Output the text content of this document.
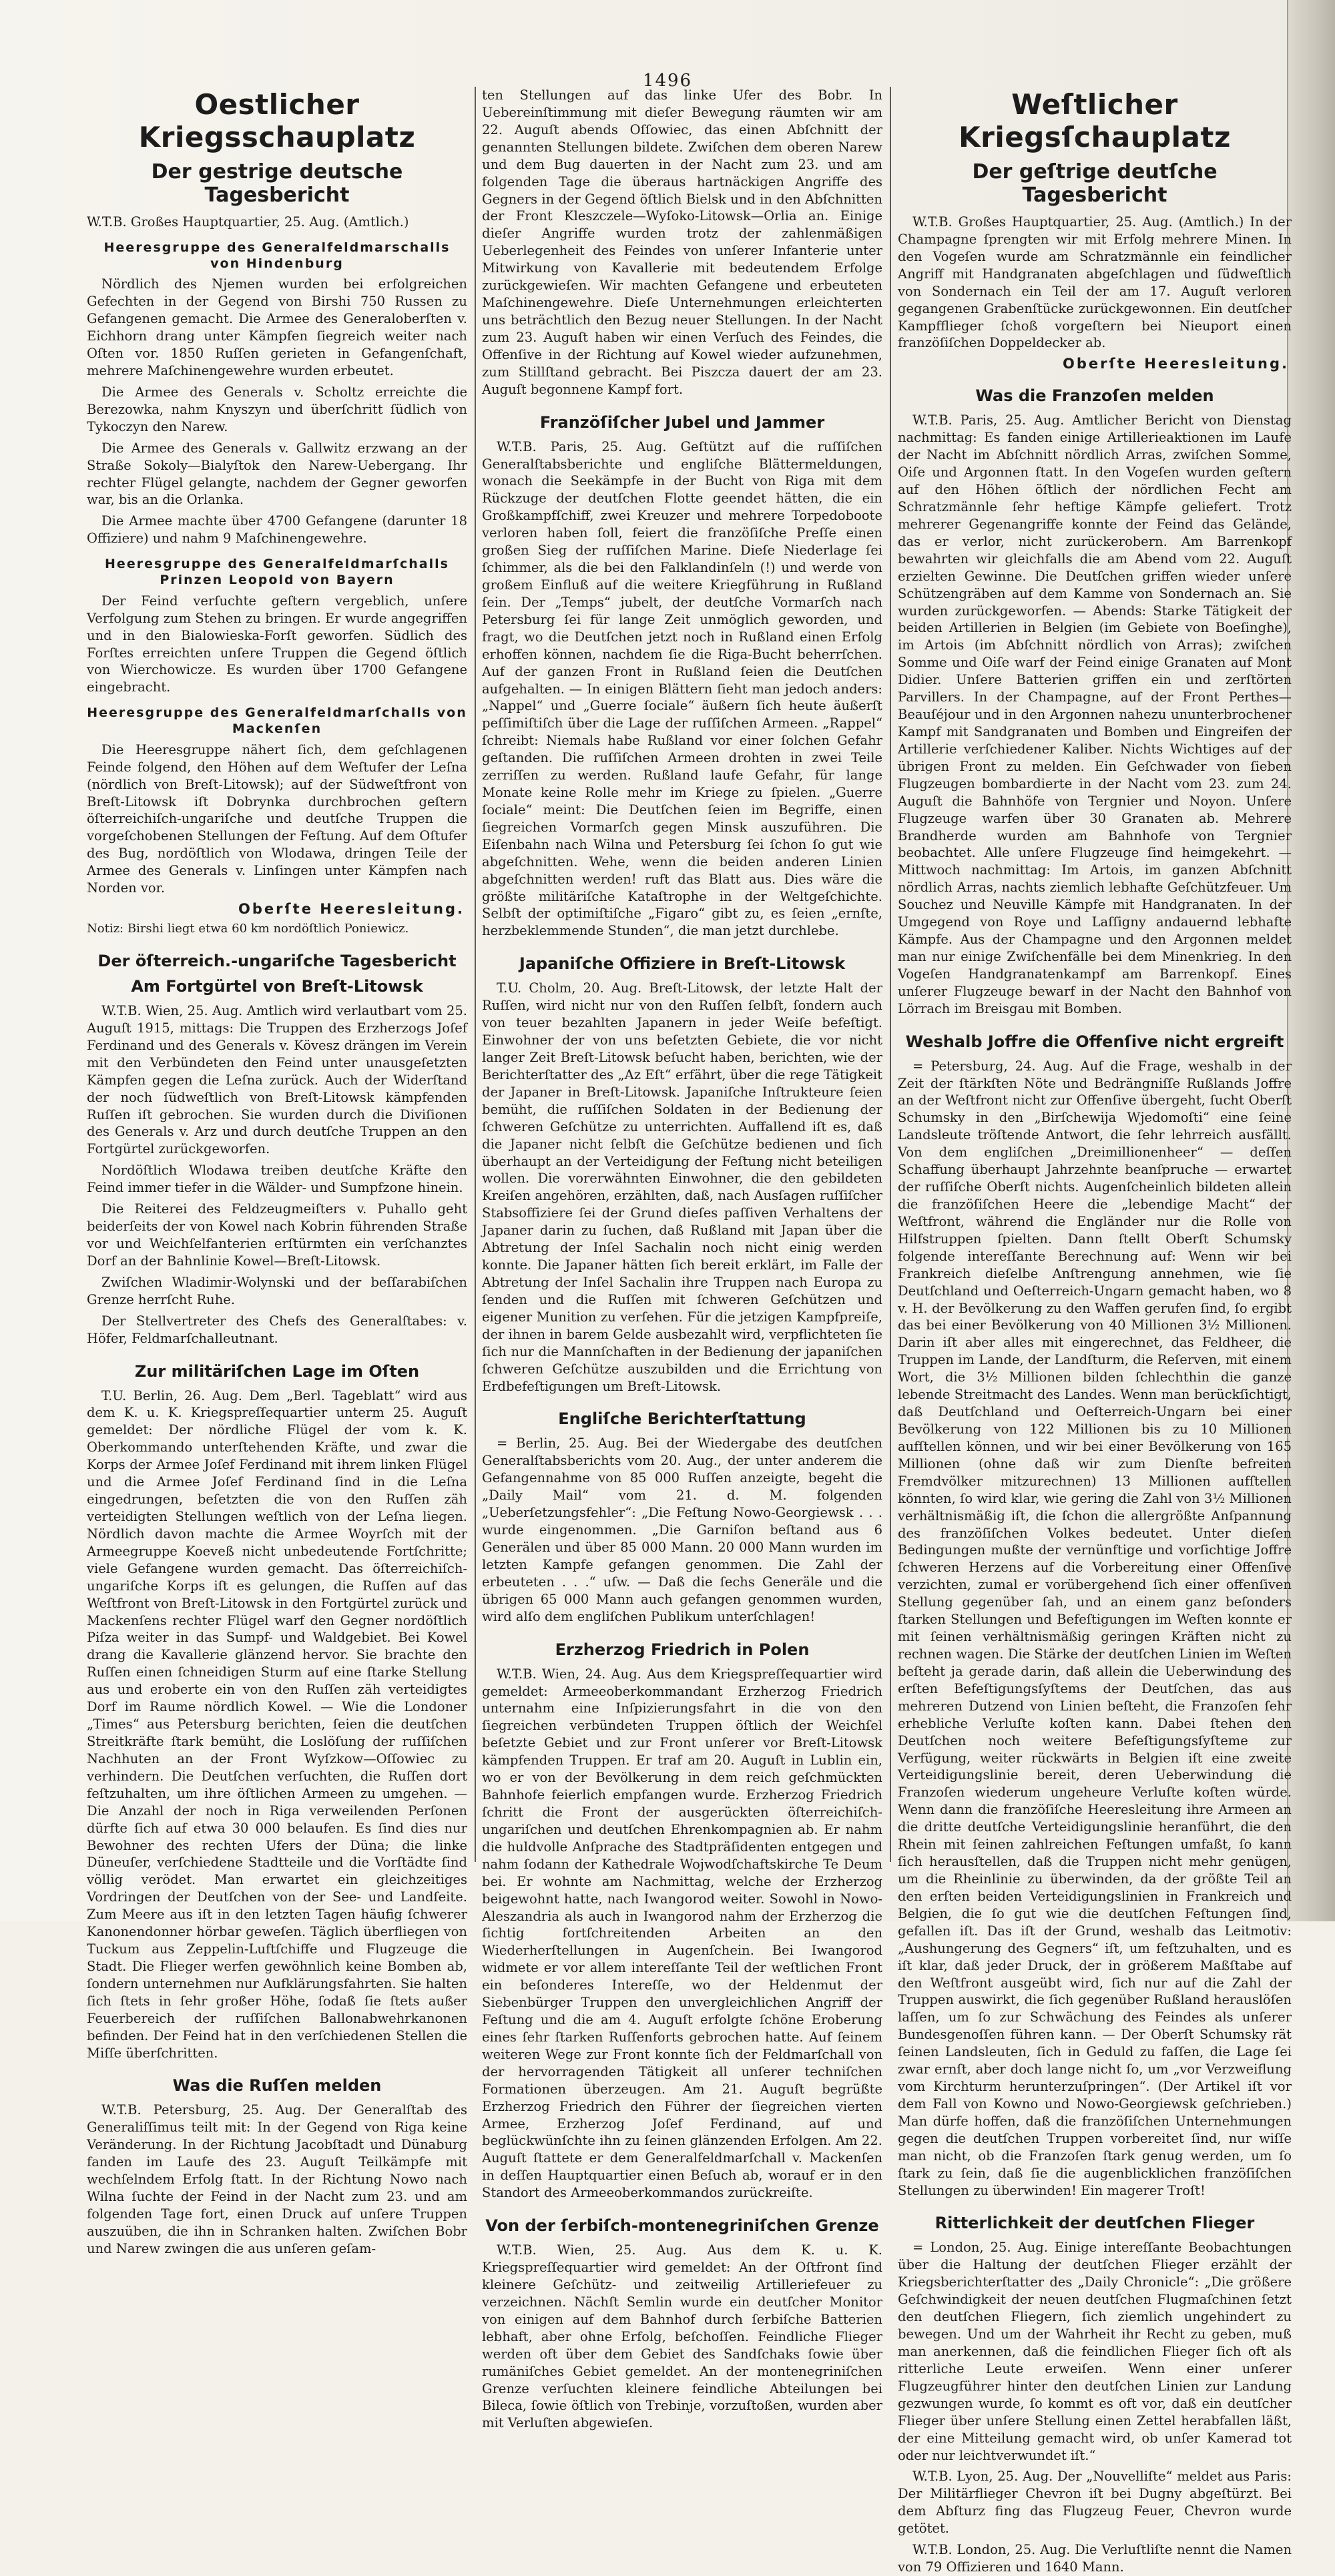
1496
Oestlicher Kriegsschauplatz
Der gestrige deutsche Tagesbericht

W.T.B. Großes Hauptquartier, 25. Aug. (Amtlich.)

Heeresgruppe des Generalfeldmarschalls von Hindenburg

Nördlich des Njemen wurden bei erfolgreichen Gefechten in der Gegend von Birshi 750 Russen zu Gefangenen gemacht. Die Armee des Generaloberſten v. Eichhorn drang unter Kämpfen ſiegreich weiter nach Oſten vor. 1850 Ruſſen gerieten in Gefangenſchaft, mehrere Maſchinengewehre wurden erbeutet.

Die Armee des Generals v. Scholtz erreichte die Berezowka, nahm Knyszyn und überſchritt ſüdlich von Tykoczyn den Narew.

Die Armee des Generals v. Gallwitz erzwang an der Straße Sokoly—Bialyſtok den Narew-Uebergang. Ihr rechter Flügel gelangte, nachdem der Gegner geworfen war, bis an die Orlanka.

Die Armee machte über 4700 Gefangene (darunter 18 Offiziere) und nahm 9 Maſchinengewehre.

Heeresgruppe des Generalfeldmarſchalls Prinzen Leopold von Bayern

Der Feind verſuchte geſtern vergeblich, unſere Verfolgung zum Stehen zu bringen. Er wurde angegriffen und in den Bialowieska-Forſt geworfen. Südlich des Forſtes erreichten unſere Truppen die Gegend öſtlich von Wierchowicze. Es wurden über 1700 Gefangene eingebracht.

Heeresgruppe des Generalfeldmarſchalls von Mackenſen

Die Heeresgruppe nähert ſich, dem geſchlagenen Feinde folgend, den Höhen auf dem Weſtufer der Leſna (nördlich von Breſt-Litowsk); auf der Südweſtfront von Breſt-Litowsk iſt Dobrynka durchbrochen geſtern öſterreichiſch-ungariſche und deutſche Truppen die vorgeſchobenen Stellungen der Feſtung. Auf dem Oſtufer des Bug, nordöſtlich von Wlodawa, dringen Teile der Armee des Generals v. Linſingen unter Kämpfen nach Norden vor.

Oberſte Heeresleitung.

Notiz: Birshi liegt etwa 60 km nordöſtlich Poniewicz.

Der öſterreich.-ungariſche Tagesbericht
Am Fortgürtel von Breſt-Litowsk

W.T.B. Wien, 25. Aug. Amtlich wird verlautbart vom 25. Auguſt 1915, mittags: Die Truppen des Erzherzogs Joſef Ferdinand und des Generals v. Kövesz drängen im Verein mit den Verbündeten den Feind unter unausgeſetzten Kämpfen gegen die Leſna zurück. Auch der Widerſtand der noch ſüdweſtlich von Breſt-Litowsk kämpfenden Ruſſen iſt gebrochen. Sie wurden durch die Diviſionen des Generals v. Arz und durch deutſche Truppen an den Fortgürtel zurückgeworfen.

Nordöſtlich Wlodawa treiben deutſche Kräfte den Feind immer tiefer in die Wälder- und Sumpfzone hinein.

Die Reiterei des Feldzeugmeiſters v. Puhallo geht beiderſeits der von Kowel nach Kobrin führenden Straße vor und Weichſelfanterien erſtürmten ein verſchanztes Dorf an der Bahnlinie Kowel—Breſt-Litowsk.

Zwiſchen Wladimir-Wolynski und der beſſarabiſchen Grenze herrſcht Ruhe.

Der Stellvertreter des Chefs des Generalſtabes: v. Höfer, Feldmarſchalleutnant.

Zur militäriſchen Lage im Oſten

T.U. Berlin, 26. Aug. Dem „Berl. Tageblatt“ wird aus dem K. u. K. Kriegspreſſequartier unterm 25. Auguſt gemeldet: Der nördliche Flügel der vom k. K. Oberkommando unterſtehenden Kräfte, und zwar die Korps der Armee Joſef Ferdinand mit ihrem linken Flügel und die Armee Joſef Ferdinand ſind in die Leſna eingedrungen, beſetzten die von den Ruſſen zäh verteidigten Stellungen weſtlich von der Leſna liegen. Nördlich davon machte die Armee Woyrſch mit der Armeegruppe Koeveß nicht unbedeutende Fortſchritte; viele Gefangene wurden gemacht. Das öſterreichiſch-ungariſche Korps iſt es gelungen, die Ruſſen auf das Weſtfront von Breſt-Litowsk in den Fortgürtel zurück und Mackenſens rechter Flügel warf den Gegner nordöſtlich Piſza weiter in das Sumpf- und Waldgebiet. Bei Kowel drang die Kavallerie glänzend hervor. Sie brachte den Ruſſen einen ſchneidigen Sturm auf eine ſtarke Stellung aus und eroberte ein von den Ruſſen zäh verteidigtes Dorf im Raume nördlich Kowel. — Wie die Londoner „Times“ aus Petersburg berichten, ſeien die deutſchen Streitkräfte ſtark bemüht, die Loslöſung der ruſſiſchen Nachhuten an der Front Wyſzkow—Oſſowiec zu verhindern. Die Deutſchen verſuchten, die Ruſſen dort feſtzuhalten, um ihre öſtlichen Armeen zu umgehen. — Die Anzahl der noch in Riga verweilenden Perſonen dürfte ſich auf etwa 30 000 belaufen. Es ſind dies nur Bewohner des rechten Ufers der Düna; die linke Düneuſer, verſchiedene Stadtteile und die Vorſtädte ſind völlig verödet. Man erwartet ein gleichzeitiges Vordringen der Deutſchen von der See- und Landſeite. Zum Meere aus iſt in den letzten Tagen häufig ſchwerer Kanonendonner hörbar geweſen. Täglich überfliegen von Tuckum aus Zeppelin-Luftſchiffe und Flugzeuge die Stadt. Die Flieger werfen gewöhnlich keine Bomben ab, ſondern unternehmen nur Aufklärungsfahrten. Sie halten ſich ſtets in ſehr großer Höhe, ſodaß ſie ſtets außer Feuerbereich der ruſſiſchen Ballonabwehrkanonen befinden. Der Feind hat in den verſchiedenen Stellen die Miſſe überſchritten.

Was die Ruſſen melden

W.T.B. Petersburg, 25. Aug. Der Generalſtab des Generaliſſimus teilt mit: In der Gegend von Riga keine Veränderung. In der Richtung Jacobſtadt und Dünaburg fanden im Laufe des 23. Auguſt Teilkämpfe mit wechſelndem Erfolg ſtatt. In der Richtung Nowo nach Wilna ſuchte der Feind in der Nacht zum 23. und am folgenden Tage fort, einen Druck auf unſere Truppen auszuüben, die ihn in Schranken halten. Zwiſchen Bobr und Narew zwingen die aus unſeren geſam-

ten Stellungen auf das linke Ufer des Bobr. In Uebereinſtimmung mit dieſer Bewegung räumten wir am 22. Auguſt abends Oſſowiec, das einen Abſchnitt der genannten Stellungen bildete. Zwiſchen dem oberen Narew und dem Bug dauerten in der Nacht zum 23. und am folgenden Tage die überaus hartnäckigen Angriffe des Gegners in der Gegend öſtlich Bielsk und in den Abſchnitten der Front Kleszczele—Wyſoko-Litowsk—Orlia an. Einige dieſer Angriffe wurden trotz der zahlenmäßigen Ueberlegenheit des Feindes von unſerer Infanterie unter Mitwirkung von Kavallerie mit bedeutendem Erfolge zurückgewieſen. Wir machten Gefangene und erbeuteten Maſchinengewehre. Dieſe Unternehmungen erleichterten uns beträchtlich den Bezug neuer Stellungen. In der Nacht zum 23. Auguſt haben wir einen Verſuch des Feindes, die Offenſive in der Richtung auf Kowel wieder aufzunehmen, zum Stillſtand gebracht. Bei Piszcza dauert der am 23. Auguſt begonnene Kampf fort.

Franzöſiſcher Jubel und Jammer

W.T.B. Paris, 25. Aug. Geſtützt auf die ruſſiſchen Generalſtabsberichte und engliſche Blättermeldungen, wonach die Seekämpfe in der Bucht von Riga mit dem Rückzuge der deutſchen Flotte geendet hätten, die ein Großkampfſchiff, zwei Kreuzer und mehrere Torpedoboote verloren haben ſoll, feiert die franzöſiſche Preſſe einen großen Sieg der ruſſiſchen Marine. Dieſe Niederlage ſei ſchimmer, als die bei den Falklandinſeln (!) und werde von großem Einfluß auf die weitere Kriegführung in Rußland ſein. Der „Temps“ jubelt, der deutſche Vormarſch nach Petersburg ſei für lange Zeit unmöglich geworden, und fragt, wo die Deutſchen jetzt noch in Rußland einen Erfolg erhoffen können, nachdem ſie die Riga-Bucht beherrſchen. Auf der ganzen Front in Rußland ſeien die Deutſchen aufgehalten. — In einigen Blättern ſieht man jedoch anders: „Nappel“ und „Guerre ſociale“ äußern ſich heute äußerſt peſſimiſtiſch über die Lage der ruſſiſchen Armeen. „Rappel“ ſchreibt: Niemals habe Rußland vor einer ſolchen Gefahr geſtanden. Die ruſſiſchen Armeen drohten in zwei Teile zerriſſen zu werden. Rußland laufe Gefahr, für lange Monate keine Rolle mehr im Kriege zu ſpielen. „Guerre ſociale“ meint: Die Deutſchen ſeien im Begriffe, einen ſiegreichen Vormarſch gegen Minsk auszuführen. Die Eiſenbahn nach Wilna und Petersburg ſei ſchon ſo gut wie abgeſchnitten. Wehe, wenn die beiden anderen Linien abgeſchnitten werden! ruft das Blatt aus. Dies wäre die größte militäriſche Kataſtrophe in der Weltgeſchichte. Selbſt der optimiſtiſche „Figaro“ gibt zu, es ſeien „ernſte, herzbeklemmende Stunden“, die man jetzt durchlebe.

Japaniſche Offiziere in Breſt-Litowsk

T.U. Cholm, 20. Aug. Breſt-Litowsk, der letzte Halt der Ruſſen, wird nicht nur von den Ruſſen ſelbſt, ſondern auch von teuer bezahlten Japanern in jeder Weiſe befeſtigt. Einwohner der von uns beſetzten Gebiete, die vor nicht langer Zeit Breſt-Litowsk beſucht haben, berichten, wie der Berichterſtatter des „Az Eſt“ erfährt, über die rege Tätigkeit der Japaner in Breſt-Litowsk. Japaniſche Inſtrukteure ſeien bemüht, die ruſſiſchen Soldaten in der Bedienung der ſchweren Geſchütze zu unterrichten. Auffallend iſt es, daß die Japaner nicht ſelbſt die Geſchütze bedienen und ſich überhaupt an der Verteidigung der Feſtung nicht beteiligen wollen. Die vorerwähnten Einwohner, die den gebildeten Kreiſen angehören, erzählten, daß, nach Ausſagen ruſſiſcher Stabsoffiziere ſei der Grund dieſes paſſiven Verhaltens der Japaner darin zu ſuchen, daß Rußland mit Japan über die Abtretung der Inſel Sachalin noch nicht einig werden konnte. Die Japaner hätten ſich bereit erklärt, im Falle der Abtretung der Inſel Sachalin ihre Truppen nach Europa zu ſenden und die Ruſſen mit ſchweren Geſchützen und eigener Munition zu verſehen. Für die jetzigen Kampfpreiſe, der ihnen in barem Gelde ausbezahlt wird, verpflichteten ſie ſich nur die Mannſchaften in der Bedienung der japaniſchen ſchweren Geſchütze auszubilden und die Errichtung von Erdbefeſtigungen um Breſt-Litowsk.

Engliſche Berichterſtattung

= Berlin, 25. Aug. Bei der Wiedergabe des deutſchen Generalſtabsberichts vom 20. Aug., der unter anderem die Gefangennahme von 85 000 Ruſſen anzeigte, begeht die „Daily Mail“ vom 21. d. M. folgenden „Ueberſetzungsfehler“: „Die Feſtung Nowo-Georgiewsk . . . wurde eingenommen. „Die Garniſon beſtand aus 6 Generälen und über 85 000 Mann. 20 000 Mann wurden im letzten Kampfe gefangen genommen. Die Zahl der erbeuteten . . .“ uſw. — Daß die ſechs Generäle und die übrigen 65 000 Mann auch gefangen genommen wurden, wird alſo dem engliſchen Publikum unterſchlagen!

Erzherzog Friedrich in Polen

W.T.B. Wien, 24. Aug. Aus dem Kriegspreſſequartier wird gemeldet: Armeeoberkommandant Erzherzog Friedrich unternahm eine Inſpizierungsfahrt in die von den ſiegreichen verbündeten Truppen öſtlich der Weichſel beſetzte Gebiet und zur Front unſerer vor Breſt-Litowsk kämpfenden Truppen. Er traf am 20. Auguſt in Lublin ein, wo er von der Bevölkerung in dem reich geſchmückten Bahnhofe feierlich empfangen wurde. Erzherzog Friedrich ſchritt die Front der ausgerückten öſterreichiſch-ungariſchen und deutſchen Ehrenkompagnien ab. Er nahm die huldvolle Anſprache des Stadtpräſidenten entgegen und nahm ſodann der Kathedrale Wojwodſchaftskirche Te Deum bei. Er wohnte am Nachmittag, welche der Erzherzog beigewohnt hatte, nach Iwangorod weiter. Sowohl in Nowo-Aleszandria als auch in Iwangorod nahm der Erzherzog die ſichtig fortſchreitenden Arbeiten an den Wiederherſtellungen in Augenſchein. Bei Iwangorod widmete er vor allem intereſſante Teil der weſtlichen Front ein beſonderes Intereſſe, wo der Heldenmut der Siebenbürger Truppen den unvergleichlichen Angriff der Feſtung und die am 4. Auguſt erfolgte ſchöne Eroberung eines ſehr ſtarken Ruſſenforts gebrochen hatte. Auf ſeinem weiteren Wege zur Front konnte ſich der Feldmarſchall von der hervorragenden Tätigkeit all unſerer techniſchen Formationen überzeugen. Am 21. Auguſt begrüßte Erzherzog Friedrich den Führer der ſiegreichen vierten Armee, Erzherzog Joſef Ferdinand, auf und beglückwünſchte ihn zu ſeinen glänzenden Erfolgen. Am 22. Auguſt ſtattete er dem Generalfeldmarſchall v. Mackenſen in deſſen Hauptquartier einen Beſuch ab, worauf er in den Standort des Armeeoberkommandos zurückreiſte.

Von der ſerbiſch-montenegriniſchen Grenze

W.T.B. Wien, 25. Aug. Aus dem K. u. K. Kriegspreſſequartier wird gemeldet: An der Oſtfront ſind kleinere Geſchütz- und zeitweilig Artilleriefeuer zu verzeichnen. Nächſt Semlin wurde ein deutſcher Monitor von einigen auf dem Bahnhof durch ſerbiſche Batterien lebhaft, aber ohne Erfolg, beſchoſſen. Feindliche Flieger werden oft über dem Gebiet des Sandſchaks ſowie über rumäniſches Gebiet gemeldet. An der montenegriniſchen Grenze verſuchten kleinere feindliche Abteilungen bei Bileca, ſowie öſtlich von Trebinje, vorzuſtoßen, wurden aber mit Verluſten abgewieſen.

Weſtlicher Kriegsſchauplatz
Der geſtrige deutſche Tagesbericht

W.T.B. Großes Hauptquartier, 25. Aug. (Amtlich.) In der Champagne ſprengten wir mit Erfolg mehrere Minen. In den Vogeſen wurde am Schratzmännle ein feindlicher Angriff mit Handgranaten abgeſchlagen und ſüdweſtlich von Sondernach ein Teil der am 17. Auguſt verloren gegangenen Grabenſtücke zurückgewonnen. Ein deutſcher Kampfflieger ſchoß vorgeſtern bei Nieuport einen franzöſiſchen Doppeldecker ab.

Oberſte Heeresleitung.
Was die Franzoſen melden

W.T.B. Paris, 25. Aug. Amtlicher Bericht von Dienstag nachmittag: Es fanden einige Artillerieaktionen im Laufe der Nacht im Abſchnitt nördlich Arras, zwiſchen Somme, Oiſe und Argonnen ſtatt. In den Vogeſen wurden geſtern auf den Höhen öſtlich der nördlichen Fecht am Schratzmännle ſehr heftige Kämpfe geliefert. Trotz mehrerer Gegenangriffe konnte der Feind das Gelände, das er verlor, nicht zurückerobern. Am Barrenkopf bewahrten wir gleichfalls die am Abend vom 22. Auguſt erzielten Gewinne. Die Deutſchen griffen wieder unſere Schützengräben auf dem Kamme von Sondernach an. Sie wurden zurückgeworfen. — Abends: Starke Tätigkeit der beiden Artillerien in Belgien (im Gebiete von Boeſinghe), im Artois (im Abſchnitt nördlich von Arras); zwiſchen Somme und Oiſe warf der Feind einige Granaten auf Mont Didier. Unſere Batterien griffen ein und zerſtörten Parvillers. In der Champagne, auf der Front Perthes—Beauſéjour und in den Argonnen nahezu ununterbrochener Kampf mit Sandgranaten und Bomben und Eingreifen der Artillerie verſchiedener Kaliber. Nichts Wichtiges auf der übrigen Front zu melden. Ein Geſchwader von ſieben Flugzeugen bombardierte in der Nacht vom 23. zum 24. Auguſt die Bahnhöfe von Tergnier und Noyon. Unſere Flugzeuge warfen über 30 Granaten ab. Mehrere Brandherde wurden am Bahnhofe von Tergnier beobachtet. Alle unſere Flugzeuge ſind heimgekehrt. — Mittwoch nachmittag: Im Artois, im ganzen Abſchnitt nördlich Arras, nachts ziemlich lebhafte Geſchützfeuer. Um Souchez und Neuville Kämpfe mit Handgranaten. In der Umgegend von Roye und Laſſigny andauernd lebhafte Kämpfe. Aus der Champagne und den Argonnen meldet man nur einige Zwiſchenfälle bei dem Minenkrieg. In den Vogeſen Handgranatenkampf am Barrenkopf. Eines unſerer Flugzeuge bewarf in der Nacht den Bahnhof von Lörrach im Breisgau mit Bomben.

Weshalb Joffre die Offenſive nicht ergreift

= Petersburg, 24. Aug. Auf die Frage, weshalb in der Zeit der ſtärkſten Nöte und Bedrängniſſe Rußlands Joffre an der Weſtfront nicht zur Offenſive übergeht, ſucht Oberſt Schumsky in den „Birſchewija Wjedomoſti“ eine ſeine Landsleute tröſtende Antwort, die ſehr lehrreich ausfällt. Von dem engliſchen „Dreimillionenheer“ — deſſen Schaffung überhaupt Jahrzehnte beanſpruche — erwartet der ruſſiſche Oberſt nichts. Augenſcheinlich bildeten allein die franzöſiſchen Heere die „lebendige Macht“ der Weſtfront, während die Engländer nur die Rolle von Hilfstruppen ſpielten. Dann ſtellt Oberſt Schumsky folgende intereſſante Berechnung auf: Wenn wir bei Frankreich dieſelbe Anſtrengung annehmen, wie ſie Deutſchland und Oeſterreich-Ungarn gemacht haben, wo 8 v. H. der Bevölkerung zu den Waffen gerufen ſind, ſo ergibt das bei einer Bevölkerung von 40 Millionen 3½ Millionen. Darin iſt aber alles mit eingerechnet, das Feldheer, die Truppen im Lande, der Landſturm, die Reſerven, mit einem Wort, die 3½ Millionen bilden ſchlechthin die ganze lebende Streitmacht des Landes. Wenn man berückſichtigt, daß Deutſchland und Oeſterreich-Ungarn bei einer Bevölkerung von 122 Millionen bis zu 10 Millionen aufſtellen können, und wir bei einer Bevölkerung von 165 Millionen (ohne daß wir zum Dienſte befreiten Fremdvölker mitzurechnen) 13 Millionen aufſtellen könnten, ſo wird klar, wie gering die Zahl von 3½ Millionen verhältnismäßig iſt, die ſchon die allergrößte Anſpannung des franzöſiſchen Volkes bedeutet. Unter dieſen Bedingungen mußte der vernünftige und vorſichtige Joffre ſchweren Herzens auf die Vorbereitung einer Offenſive verzichten, zumal er vorübergehend ſich einer offenſiven Stellung gegenüber ſah, und an einem ganz beſonders ſtarken Stellungen und Befeſtigungen im Weſten konnte er mit ſeinen verhältnismäßig geringen Kräften nicht zu rechnen wagen. Die Stärke der deutſchen Linien im Weſten beſteht ja gerade darin, daß allein die Ueberwindung des erſten Befeſtigungsſyſtems der Deutſchen, das aus mehreren Dutzend von Linien beſteht, die Franzoſen ſehr erhebliche Verluſte koſten kann. Dabei ſtehen den Deutſchen noch weitere Befeſtigungsſyſteme zur Verfügung, weiter rückwärts in Belgien iſt eine zweite Verteidigungslinie bereit, deren Ueberwindung die Franzoſen wiederum ungeheure Verluſte koſten würde. Wenn dann die franzöſiſche Heeresleitung ihre Armeen an die dritte deutſche Verteidigungslinie heranführt, die den Rhein mit ſeinen zahlreichen Feſtungen umfaßt, ſo kann ſich herausſtellen, daß die Truppen nicht mehr genügen, um die Rheinlinie zu überwinden, da der größte Teil an den erſten beiden Verteidigungslinien in Frankreich und Belgien, die ſo gut wie die deutſchen Feſtungen ſind, gefallen iſt. Das iſt der Grund, weshalb das Leitmotiv: „Aushungerung des Gegners“ iſt, um feſtzuhalten, und es iſt klar, daß jeder Druck, der in größerem Maßſtabe auf den Weſtfront ausgeübt wird, ſich nur auf die Zahl der Truppen auswirkt, die ſich gegenüber Rußland herauslöſen laſſen, um ſo zur Schwächung des Feindes als unſerer Bundesgenoſſen führen kann. — Der Oberſt Schumsky rät ſeinen Landsleuten, ſich in Geduld zu faſſen, die Lage ſei zwar ernſt, aber doch lange nicht ſo, um „vor Verzweiflung vom Kirchturm herunterzuſpringen“. (Der Artikel iſt vor dem Fall von Kowno und Nowo-Georgiewsk geſchrieben.) Man dürfe hoffen, daß die franzöſiſchen Unternehmungen gegen die deutſchen Truppen vorbereitet ſind, nur wiſſe man nicht, ob die Franzoſen ſtark genug werden, um ſo ſtark zu ſein, daß ſie die augenblicklichen franzöſiſchen Stellungen zu überwinden! Ein magerer Troſt!

Ritterlichkeit der deutſchen Flieger

= London, 25. Aug. Einige intereſſante Beobachtungen über die Haltung der deutſchen Flieger erzählt der Kriegsberichterſtatter des „Daily Chronicle“: „Die größere Geſchwindigkeit der neuen deutſchen Flugmaſchinen ſetzt den deutſchen Fliegern, ſich ziemlich ungehindert zu bewegen. Und um der Wahrheit ihr Recht zu geben, muß man anerkennen, daß die feindlichen Flieger ſich oft als ritterliche Leute erweiſen. Wenn einer unſerer Flugzeugführer hinter den deutſchen Linien zur Landung gezwungen wurde, ſo kommt es oft vor, daß ein deutſcher Flieger über unſere Stellung einen Zettel herabfallen läßt, der eine Mitteilung gemacht wird, ob unſer Kamerad tot oder nur leichtverwundet iſt.“

W.T.B. Lyon, 25. Aug. Der „Nouvelliſte“ meldet aus Paris: Der Militärflieger Chevron iſt bei Dugny abgeſtürzt. Bei dem Abſturz fing das Flugzeug Feuer, Chevron wurde getötet.

W.T.B. London, 25. Aug. Die Verluſtliſte nennt die Namen von 79 Offizieren und 1640 Mann.
